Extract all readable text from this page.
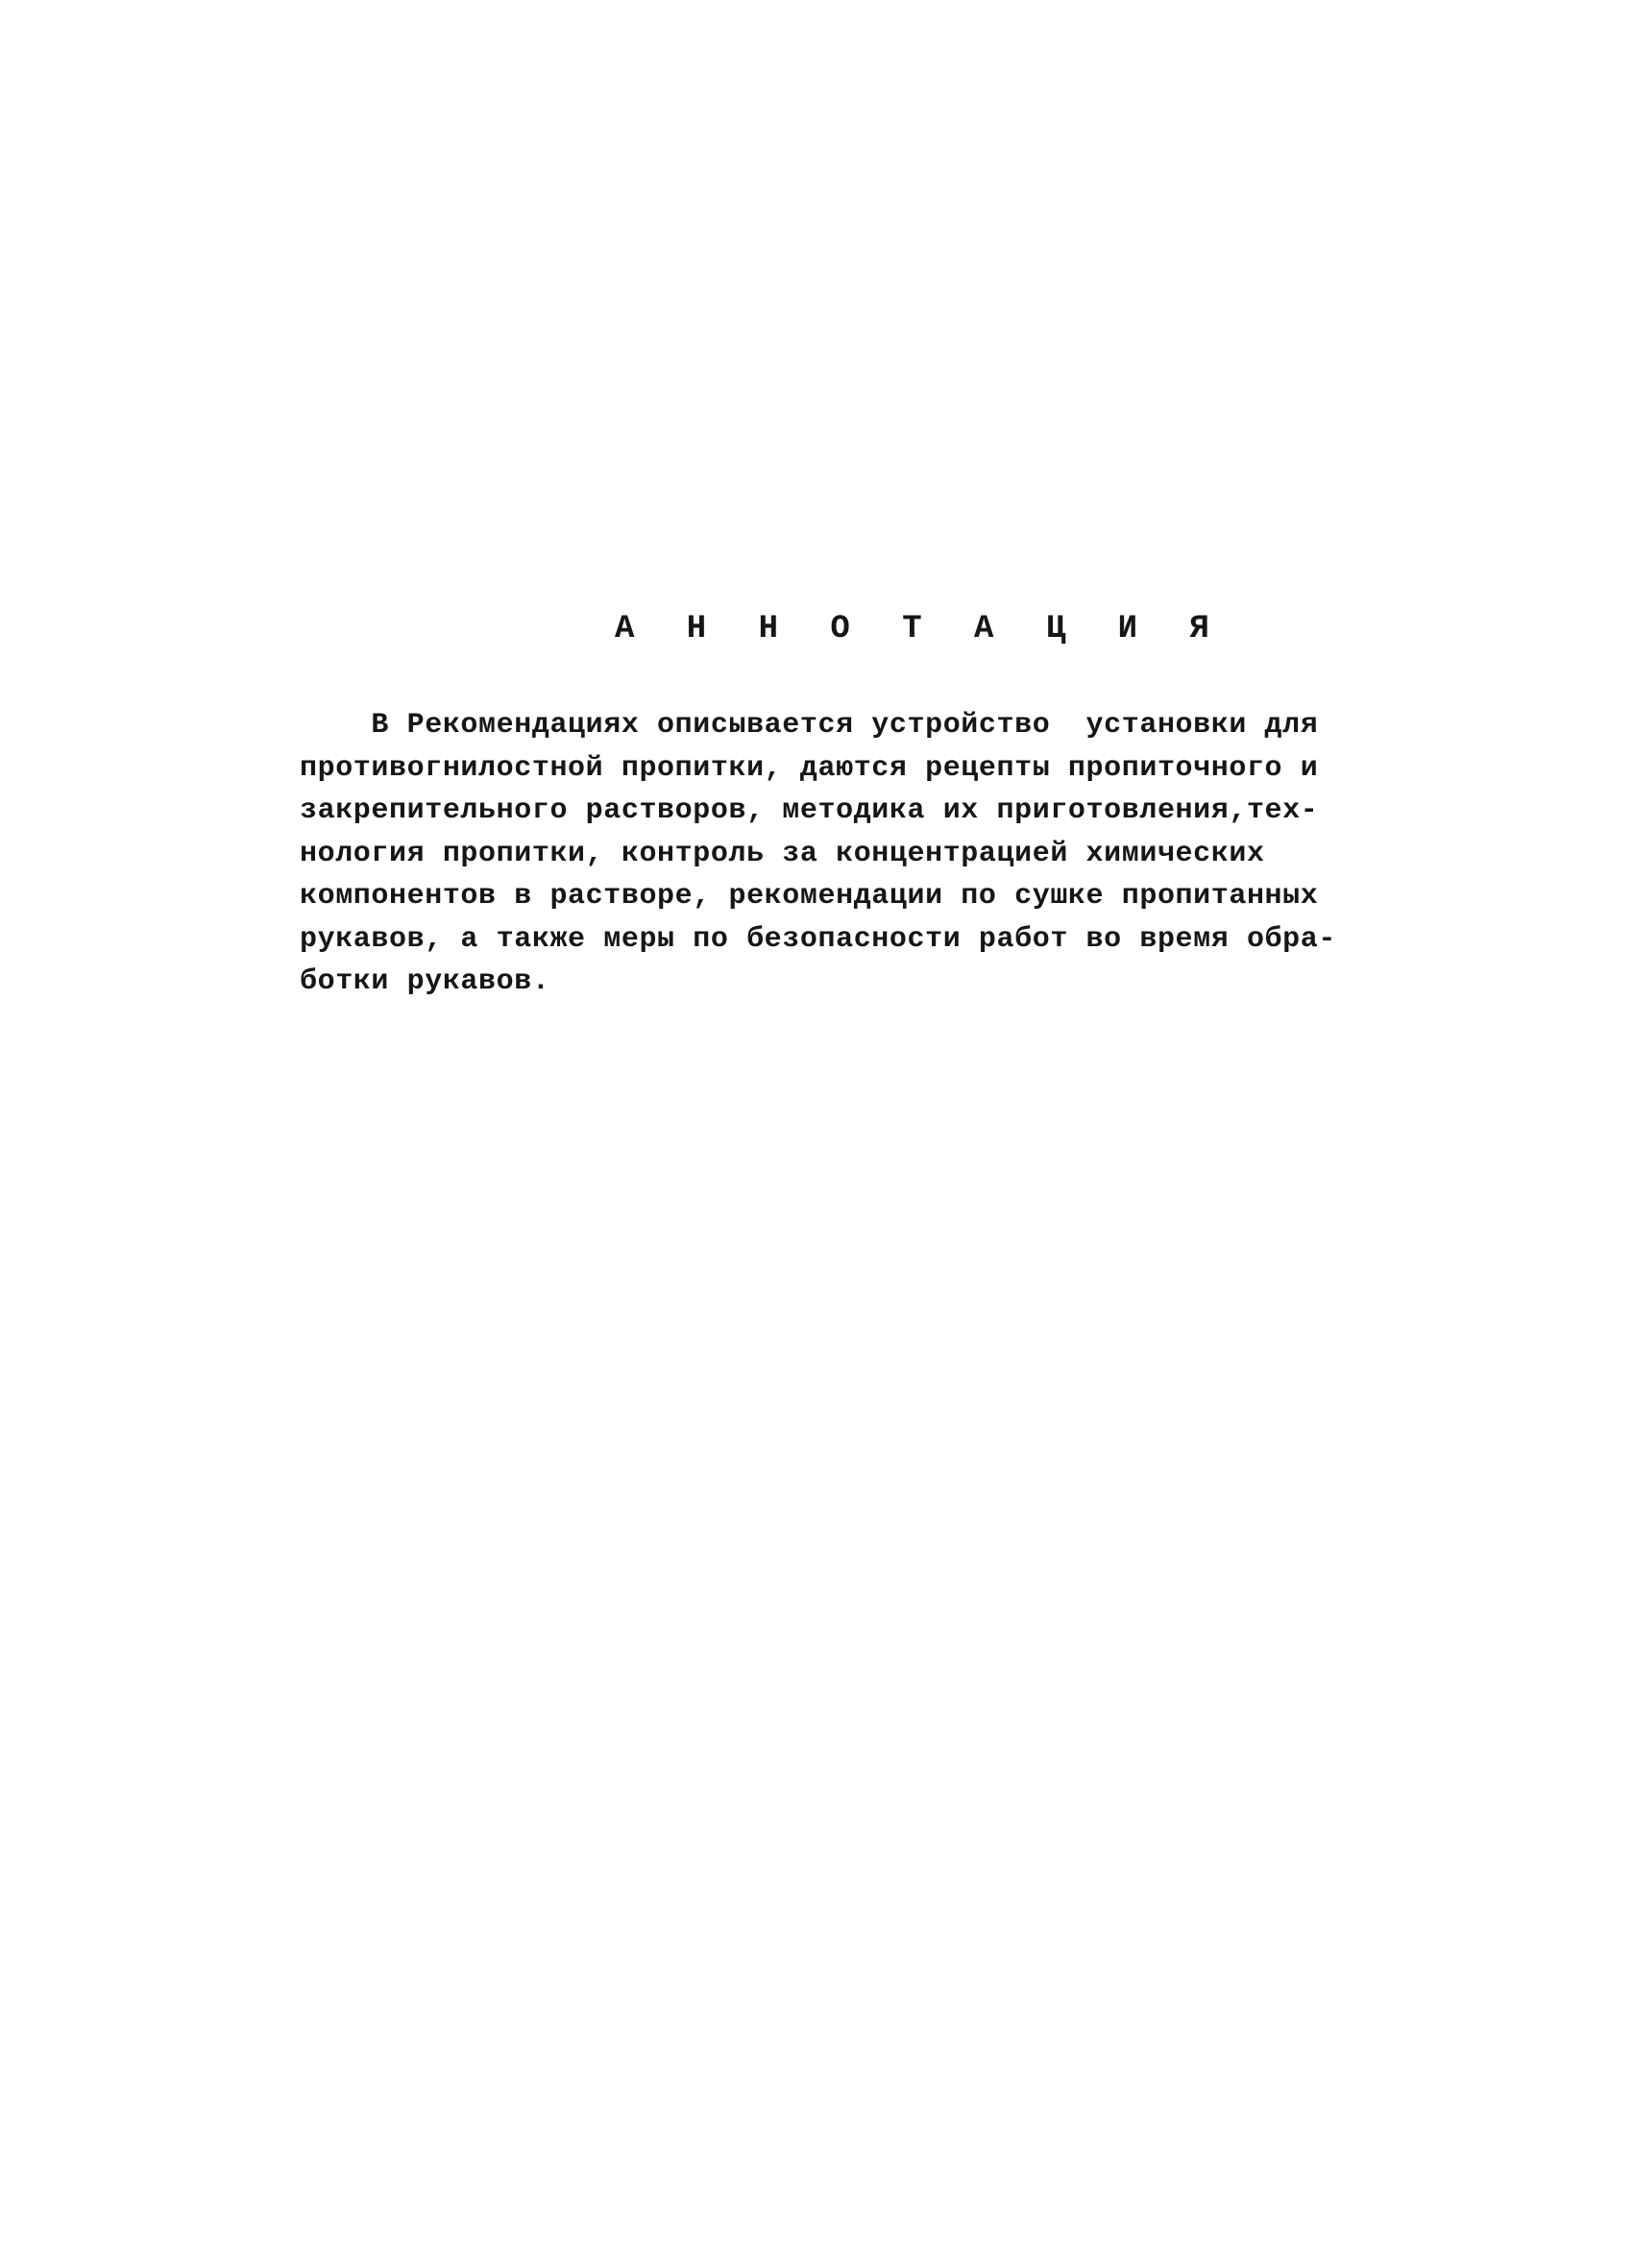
А Н Н О Т А Ц И Я
В Рекомендациях описывается устройство  установки для
противогнилостной пропитки, даются рецепты пропиточного и
закрепительного растворов, методика их приготовления,тех-
нология пропитки, контроль за концентрацией химических
компонентов в растворе, рекомендации по сушке пропитанных
рукавов, а также меры по безопасности работ во время обра-
ботки рукавов.
